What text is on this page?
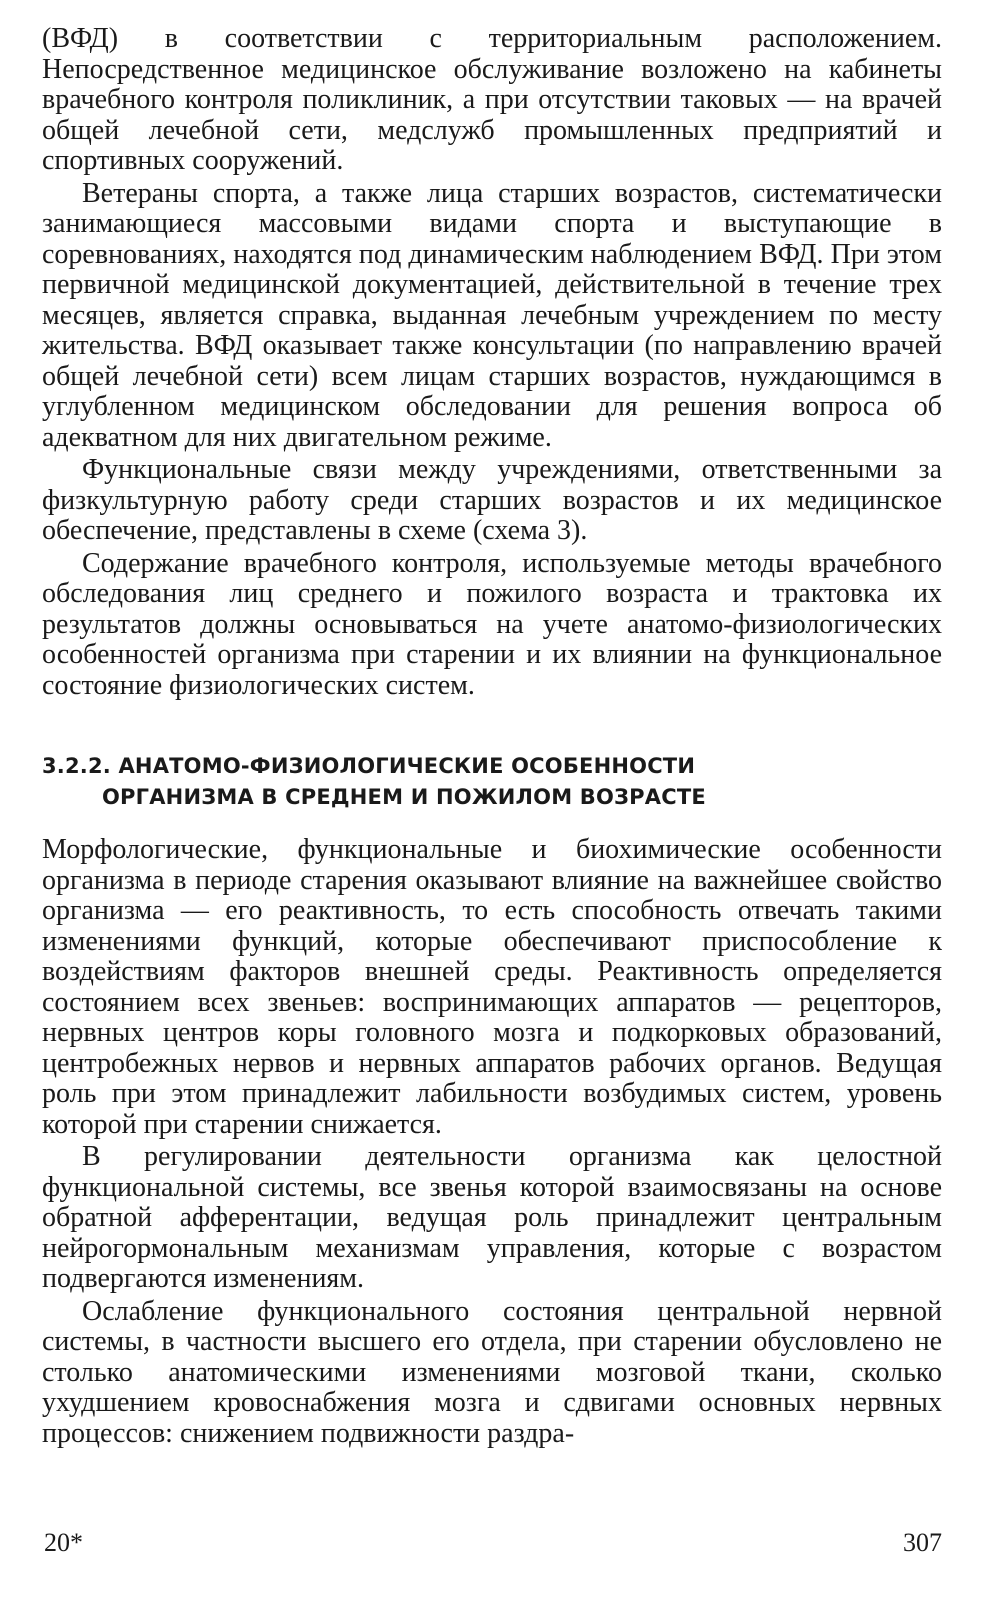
(ВФД) в соответствии с территориальным расположением. Непосредственное медицинское обслуживание возложено на кабинеты врачебного контроля поликлиник, а при отсутствии таковых — на врачей общей лечебной сети, медслужб промышленных предприятий и спортивных сооружений.

Ветераны спорта, а также лица старших возрастов, систематически занимающиеся массовыми видами спорта и выступающие в соревнованиях, находятся под динамическим наблюдением ВФД. При этом первичной медицинской документацией, действительной в течение трех месяцев, является справка, выданная лечебным учреждением по месту жительства. ВФД оказывает также консультации (по направлению врачей общей лечебной сети) всем лицам старших возрастов, нуждающимся в углубленном медицинском обследовании для решения вопроса об адекватном для них двигательном режиме.

Функциональные связи между учреждениями, ответственными за физкультурную работу среди старших возрастов и их медицинское обеспечение, представлены в схеме (схема 3).

Содержание врачебного контроля, используемые методы врачебного обследования лиц среднего и пожилого возраста и трактовка их результатов должны основываться на учете анатомо-физиологических особенностей организма при старении и их влиянии на функциональное состояние физиологических систем.

3.2.2. АНАТОМО-ФИЗИОЛОГИЧЕСКИЕ ОСОБЕННОСТИ
ОРГАНИЗМА В СРЕДНЕМ И ПОЖИЛОМ ВОЗРАСТЕ

Морфологические, функциональные и биохимические особенности организма в периоде старения оказывают влияние на важнейшее свойство организма — его реактивность, то есть способность отвечать такими изменениями функций, которые обеспечивают приспособление к воздействиям факторов внешней среды. Реактивность определяется состоянием всех звеньев: воспринимающих аппаратов — рецепторов, нервных центров коры головного мозга и подкорковых образований, центробежных нервов и нервных аппаратов рабочих органов. Ведущая роль при этом принадлежит лабильности возбудимых систем, уровень которой при старении снижается.

В регулировании деятельности организма как целостной функциональной системы, все звенья которой взаимосвязаны на основе обратной афферентации, ведущая роль принадлежит центральным нейрогормональным механизмам управления, которые с возрастом подвергаются изменениям.

Ослабление функционального состояния центральной нервной системы, в частности высшего его отдела, при старении обусловлено не столько анатомическими изменениями мозговой ткани, сколько ухудшением кровоснабжения мозга и сдвигами основных нервных процессов: снижением подвижности раздра-

20*	307
